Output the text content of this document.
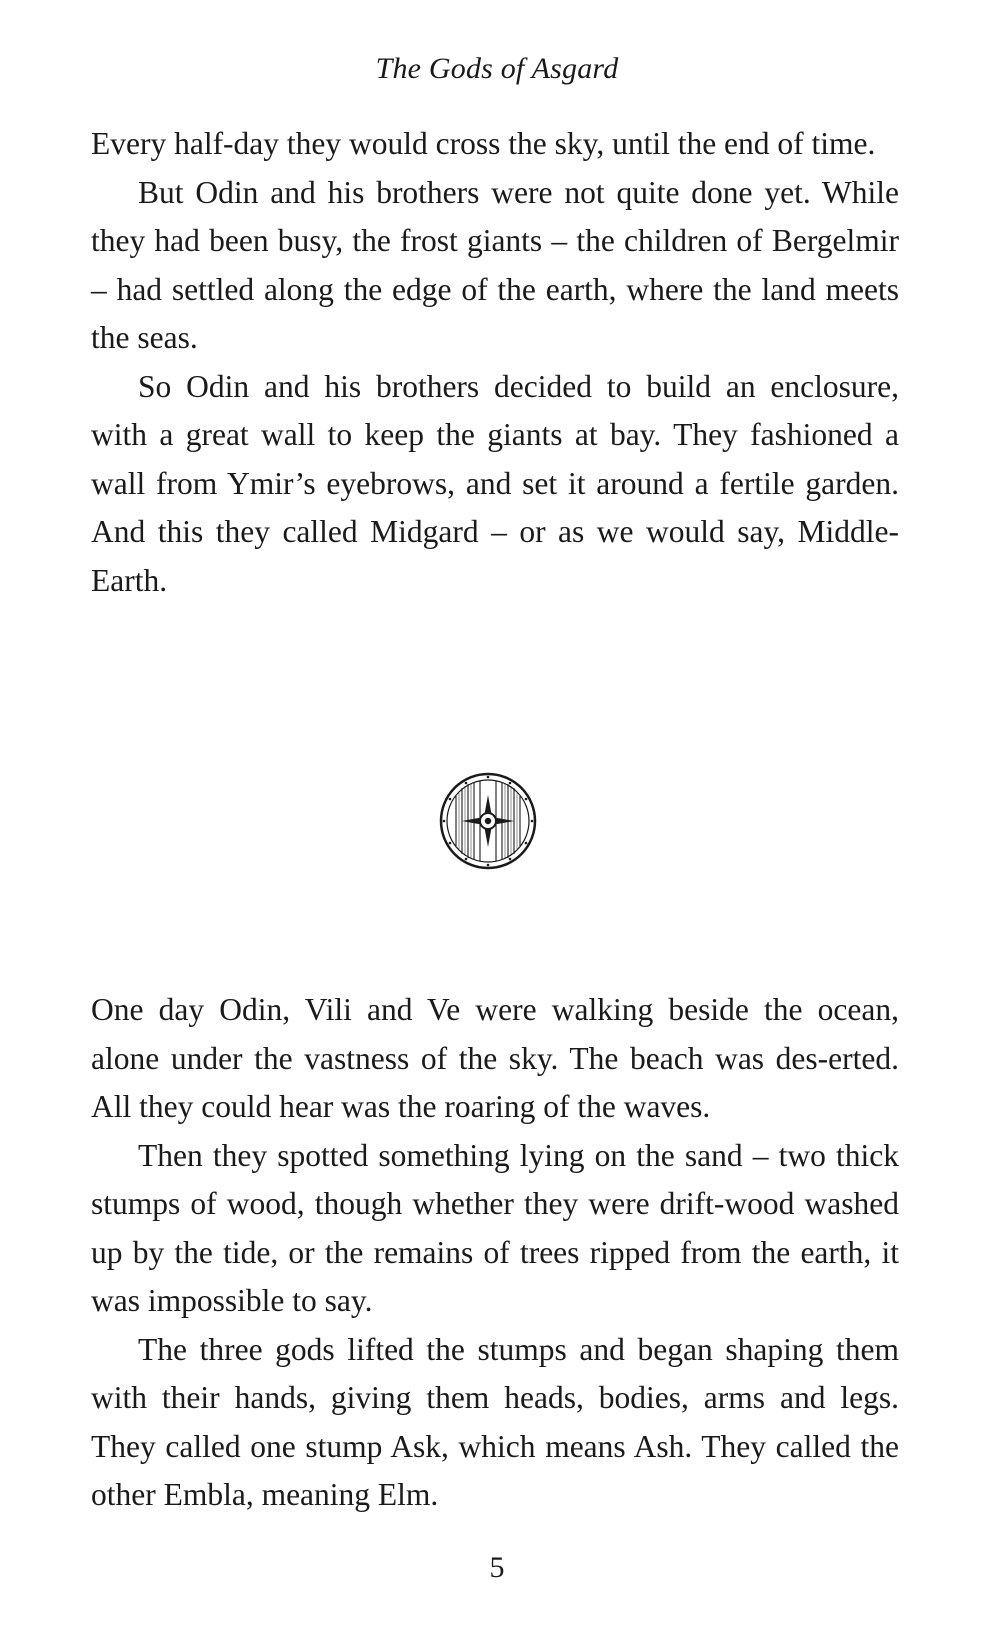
The Gods of Asgard

Every half-day they would cross the sky, until the end of time.

But Odin and his brothers were not quite done yet. While they had been busy, the frost giants – the children of Bergelmir – had settled along the edge of the earth, where the land meets the seas.

So Odin and his brothers decided to build an enclosure, with a great wall to keep the giants at bay. They fashioned a wall from Ymir’s eyebrows, and set it around a fertile garden. And this they called Midgard – or as we would say, Middle-Earth.

One day Odin, Vili and Ve were walking beside the ocean, alone under the vastness of the sky. The beach was des-erted. All they could hear was the roaring of the waves.

Then they spotted something lying on the sand – two thick stumps of wood, though whether they were drift-wood washed up by the tide, or the remains of trees ripped from the earth, it was impossible to say.

The three gods lifted the stumps and began shaping them with their hands, giving them heads, bodies, arms and legs. They called one stump Ask, which means Ash. They called the other Embla, meaning Elm.

5
